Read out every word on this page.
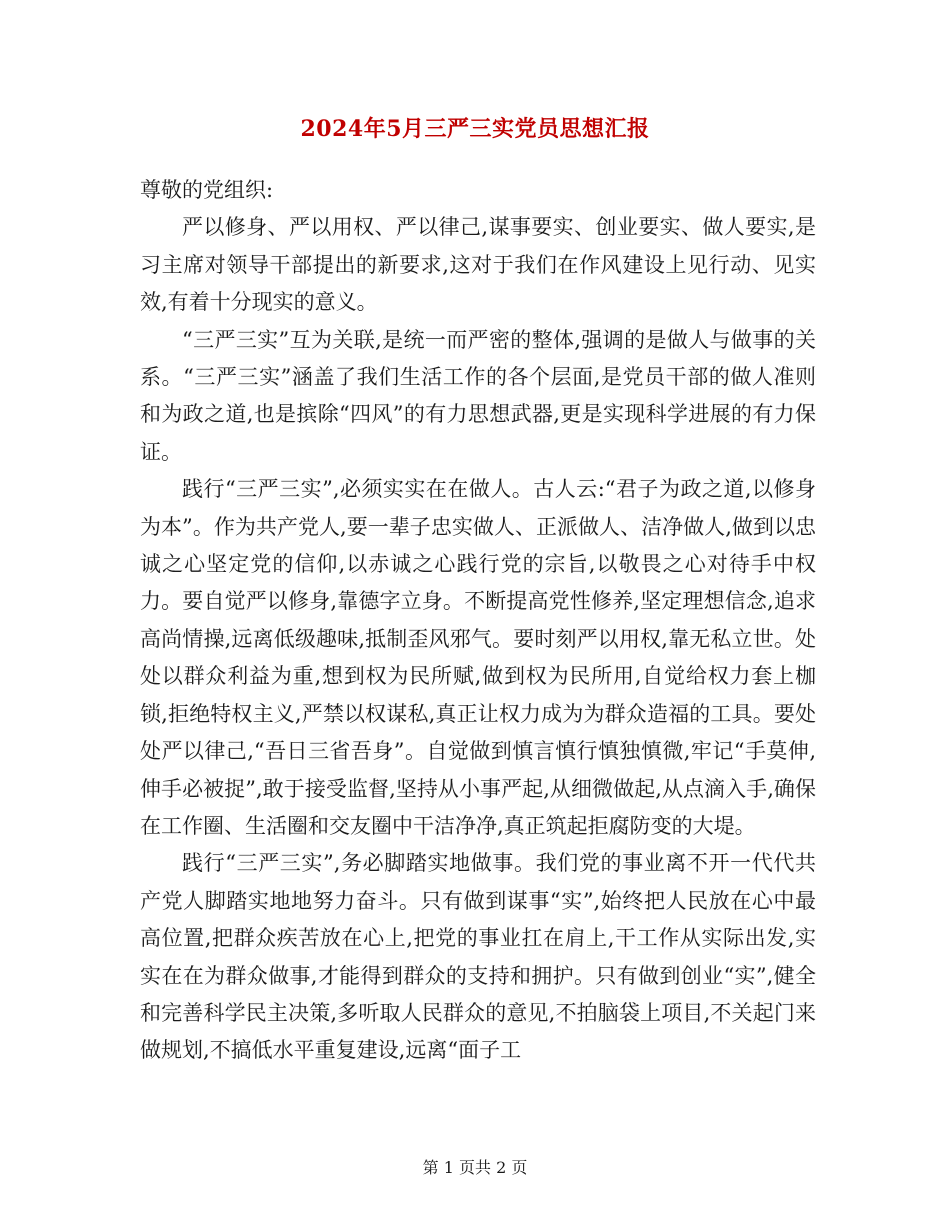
2024年5月三严三实党员思想汇报

尊敬的党组织:

严以修身、严以用权、严以律己,谋事要实、创业要实、做人要实,是习主席对领导干部提出的新要求,这对于我们在作风建设上见行动、见实效,有着十分现实的意义。

“三严三实”互为关联,是统一而严密的整体,强调的是做人与做事的关系。“三严三实”涵盖了我们生活工作的各个层面,是党员干部的做人准则和为政之道,也是摈除“四风”的有力思想武器,更是实现科学进展的有力保证。

践行“三严三实”,必须实实在在做人。古人云:“君子为政之道,以修身为本”。作为共产党人,要一辈子忠实做人、正派做人、洁净做人,做到以忠诚之心坚定党的信仰,以赤诚之心践行党的宗旨,以敬畏之心对待手中权力。要自觉严以修身,靠德字立身。不断提高党性修养,坚定理想信念,追求高尚情操,远离低级趣味,抵制歪风邪气。要时刻严以用权,靠无私立世。处处以群众利益为重,想到权为民所赋,做到权为民所用,自觉给权力套上枷锁,拒绝特权主义,严禁以权谋私,真正让权力成为为群众造福的工具。要处处严以律己,“吾日三省吾身”。自觉做到慎言慎行慎独慎微,牢记“手莫伸,伸手必被捉”,敢于接受监督,坚持从小事严起,从细微做起,从点滴入手,确保在工作圈、生活圈和交友圈中干洁净净,真正筑起拒腐防变的大堤。

践行“三严三实”,务必脚踏实地做事。我们党的事业离不开一代代共产党人脚踏实地地努力奋斗。只有做到谋事“实”,始终把人民放在心中最高位置,把群众疾苦放在心上,把党的事业扛在肩上,干工作从实际出发,实实在在为群众做事,才能得到群众的支持和拥护。只有做到创业“实”,健全和完善科学民主决策,多听取人民群众的意见,不拍脑袋上项目,不关起门来做规划,不搞低水平重复建设,远离“面子工

第 1 页共 2 页
